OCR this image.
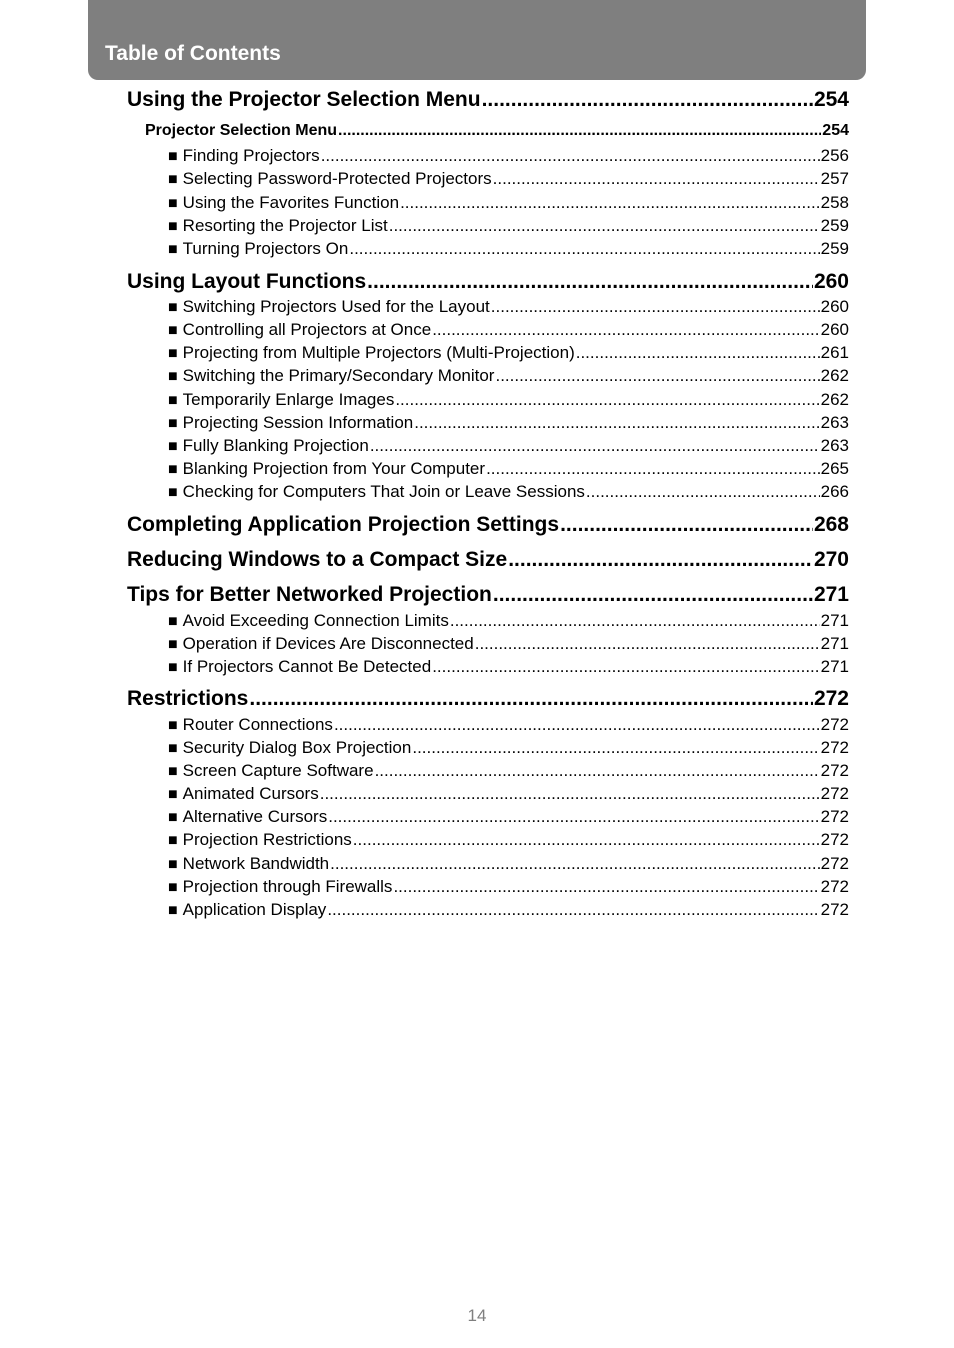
Table of Contents
Using the Projector Selection Menu .....	254
Projector Selection Menu .....	254
■ Finding Projectors .....	256
■ Selecting Password-Protected Projectors .....	257
■ Using the Favorites Function .....	258
■ Resorting the Projector List .....	259
■ Turning Projectors On .....	259
Using Layout Functions .....	260
■ Switching Projectors Used for the Layout .....	260
■ Controlling all Projectors at Once .....	260
■ Projecting from Multiple Projectors (Multi-Projection) .....	261
■ Switching the Primary/Secondary Monitor .....	262
■ Temporarily Enlarge Images .....	262
■ Projecting Session Information .....	263
■ Fully Blanking Projection .....	263
■ Blanking Projection from Your Computer .....	265
■ Checking for Computers That Join or Leave Sessions .....	266
Completing Application Projection Settings .....	268
Reducing Windows to a Compact Size .....	270
Tips for Better Networked Projection .....	271
■ Avoid Exceeding Connection Limits .....	271
■ Operation if Devices Are Disconnected .....	271
■ If Projectors Cannot Be Detected .....	271
Restrictions .....	272
■ Router Connections .....	272
■ Security Dialog Box Projection .....	272
■ Screen Capture Software .....	272
■ Animated Cursors .....	272
■ Alternative Cursors .....	272
■ Projection Restrictions .....	272
■ Network Bandwidth .....	272
■ Projection through Firewalls .....	272
■ Application Display .....	272
14
